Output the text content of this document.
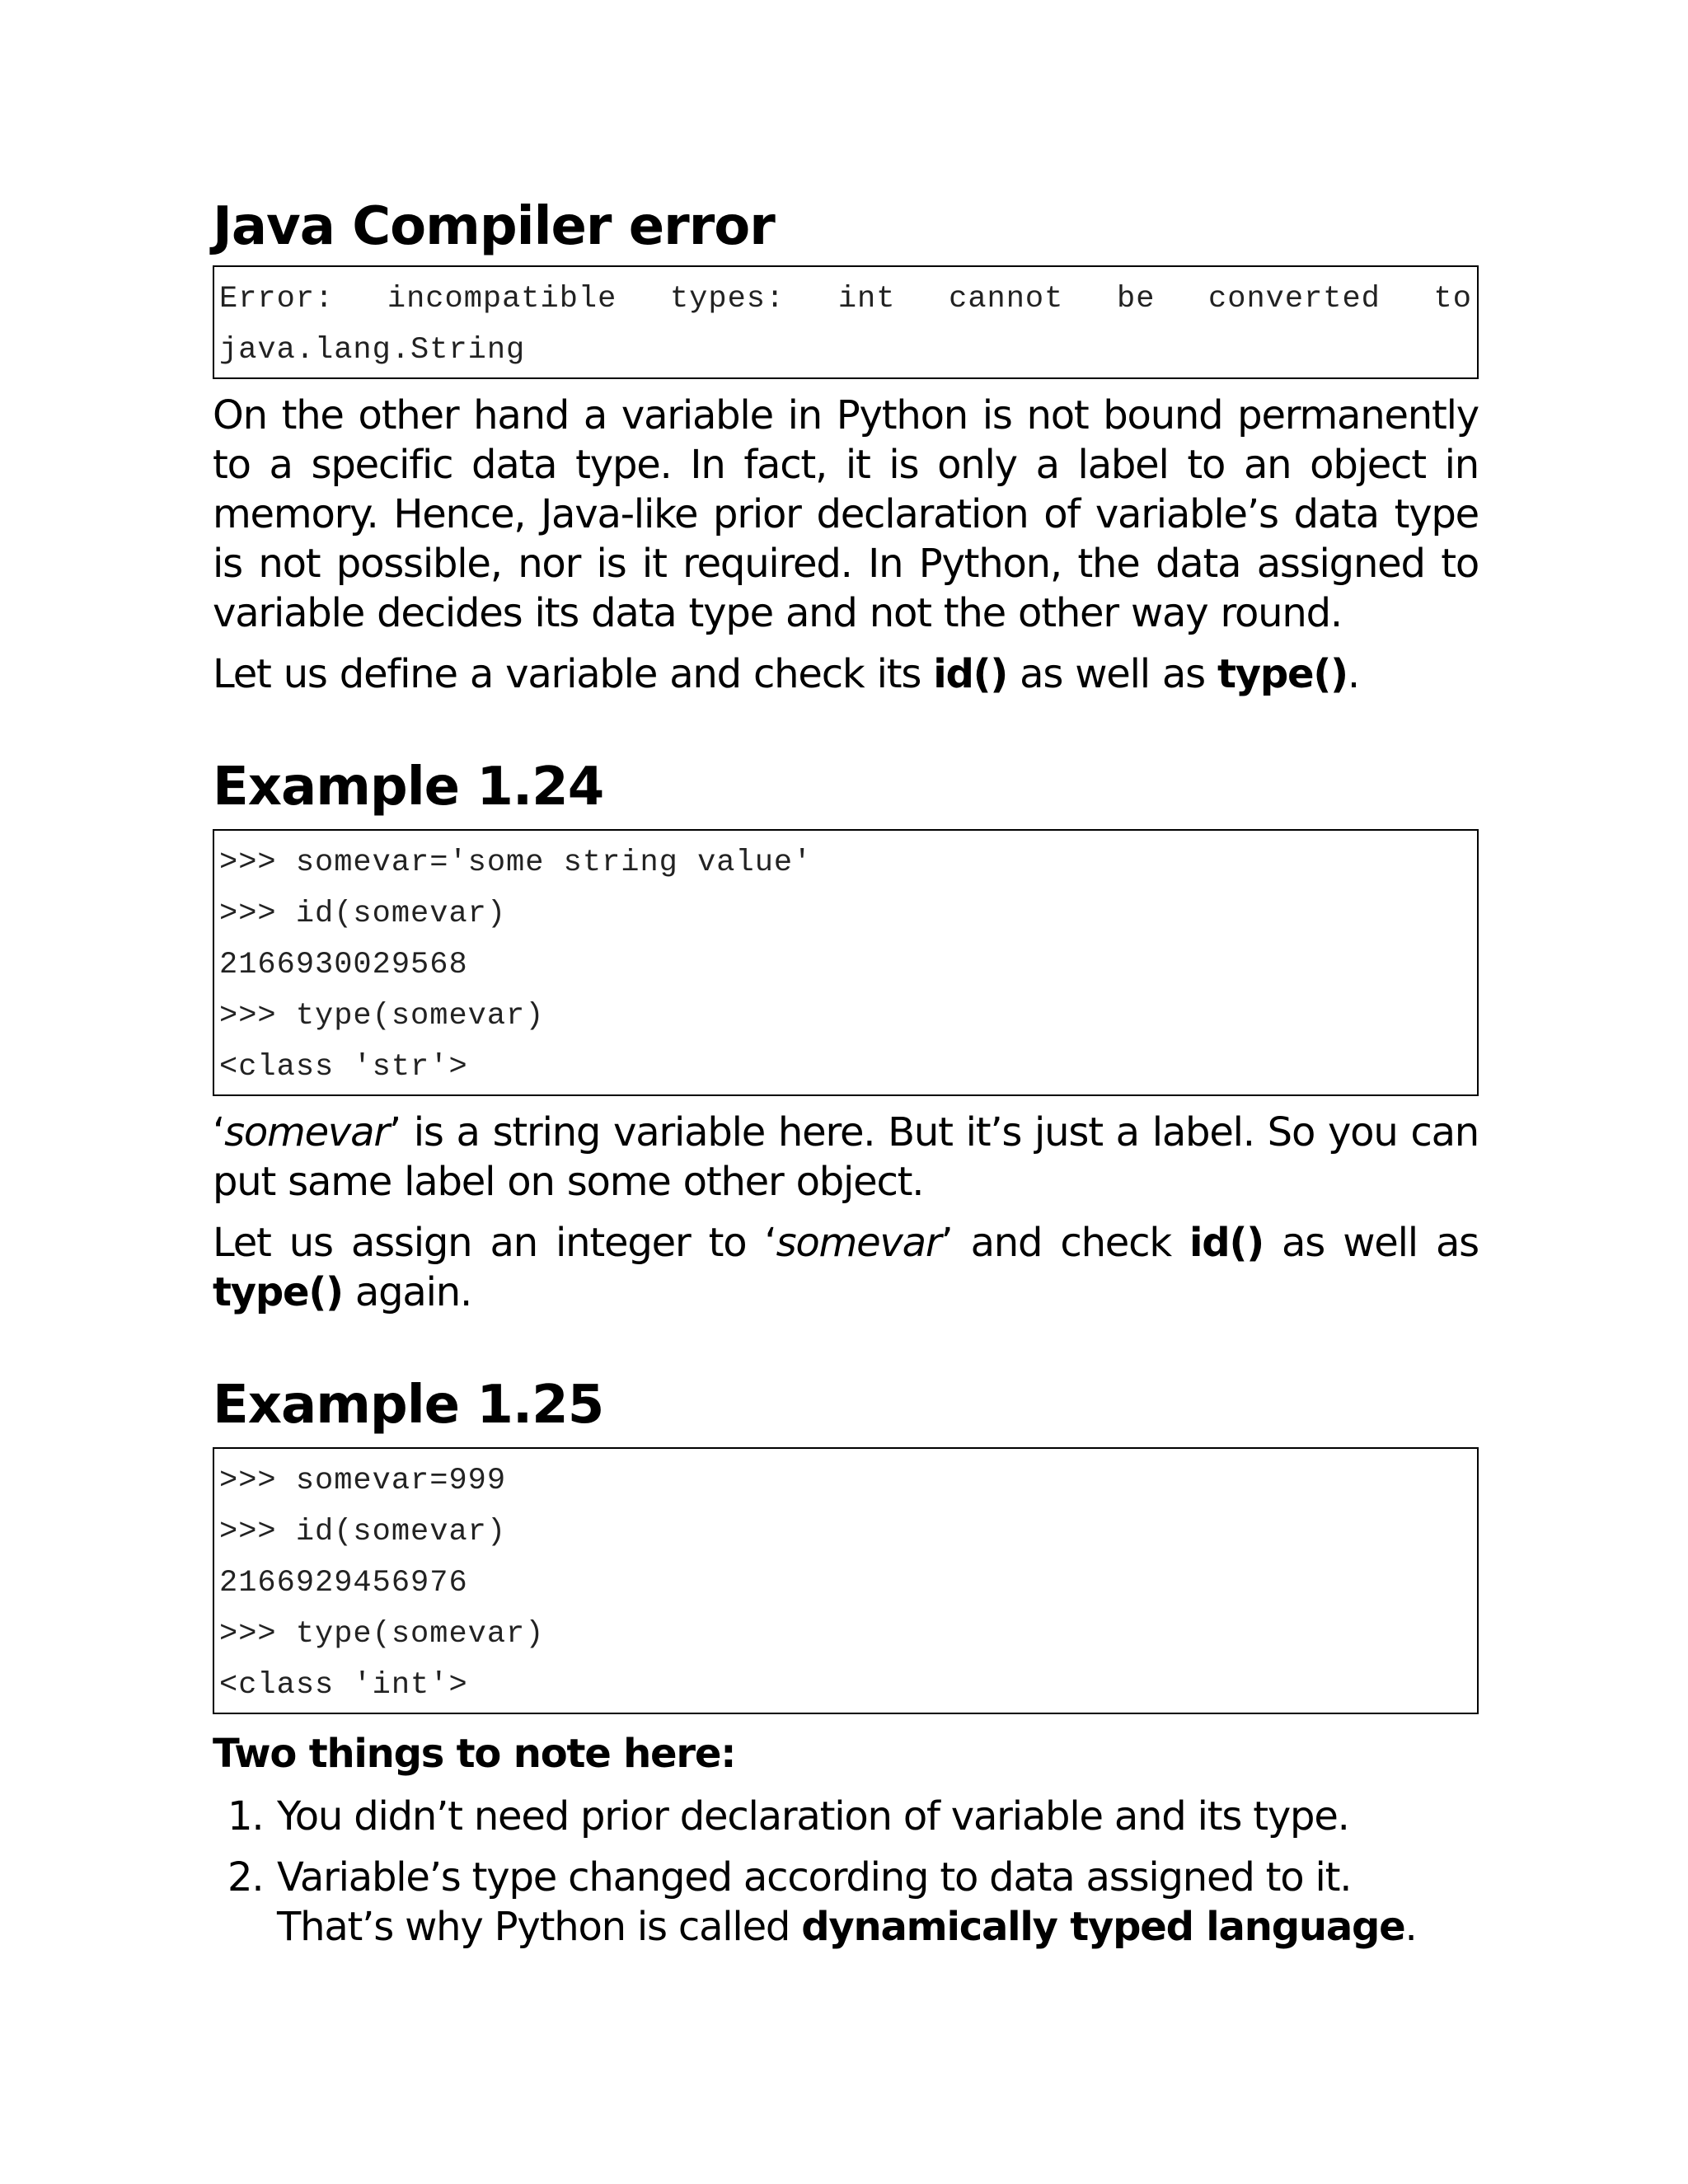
Java Compiler error
Error: incompatible types: int cannot be converted to
java.lang.String

On the other hand a variable in Python is not bound permanently to a specific data type. In fact, it is only a label to an object in memory. Hence, Java-like prior declaration of variable’s data type is not possible, nor is it required. In Python, the data assigned to variable decides its data type and not the other way round.

Let us define a variable and check its id() as well as type().

Example 1.24
>>> somevar='some string value'
>>> id(somevar)
2166930029568
>>> type(somevar)
<class 'str'>

‘somevar’ is a string variable here. But it’s just a label. So you can put same label on some other object.

Let us assign an integer to ‘somevar’ and check id() as well as type() again.

Example 1.25
>>> somevar=999
>>> id(somevar)
2166929456976
>>> type(somevar)
<class 'int'>
Two things to note here:
1. You didn’t need prior declaration of variable and its type.
2. Variable’s type changed according to data assigned to it. That’s why Python is called dynamically typed language.
